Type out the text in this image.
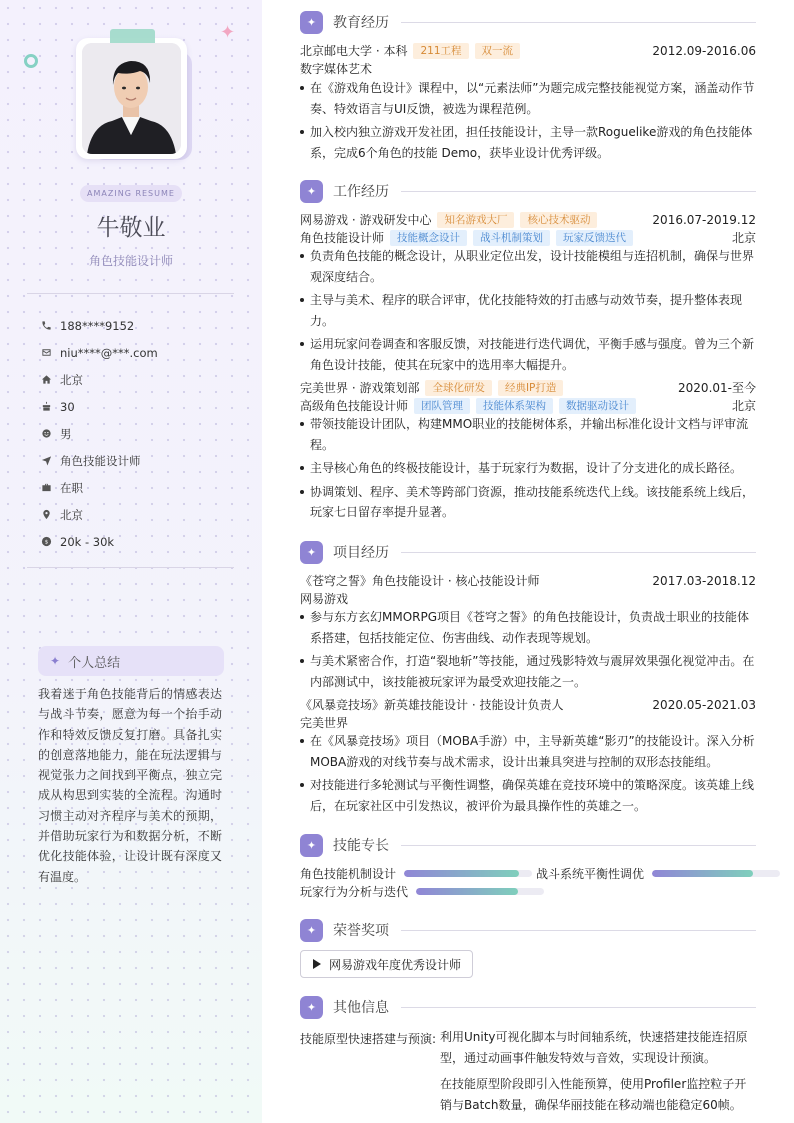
✦
AMAZING RESUME
牛敬业
角色技能设计师
188****9152
niu****@***.com
北京
30
男
角色技能设计师
在职
北京
$ 20k - 30k
✦ 个人总结

我着迷于角色技能背后的情感表达与战斗节奏，愿意为每一个抬手动作和特效反馈反复打磨。具备扎实的创意落地能力，能在玩法逻辑与视觉张力之间找到平衡点，独立完成从构思到实装的全流程。沟通时习惯主动对齐程序与美术的预期，并借助玩家行为和数据分析，不断优化技能体验，让设计既有深度又有温度。

✦	教育经历
北京邮电大学 · 本科	211工程	双一流	2012.09-2016.06
数字媒体艺术
在《游戏角色设计》课程中，以“元素法师”为题完成完整技能视觉方案，涵盖动作节奏、特效语言与UI反馈，被选为课程范例。
加入校内独立游戏开发社团，担任技能设计，主导一款Roguelike游戏的角色技能体系，完成6个角色的技能 Demo，获毕业设计优秀评级。
✦	工作经历
网易游戏 · 游戏研发中心	知名游戏大厂	核心技术驱动	2016.07-2019.12
角色技能设计师	技能概念设计	战斗机制策划	玩家反馈迭代	北京
负责角色技能的概念设计，从职业定位出发，设计技能模组与连招机制，确保与世界观深度结合。
主导与美术、程序的联合评审，优化技能特效的打击感与动效节奏，提升整体表现力。
运用玩家问卷调查和客服反馈，对技能进行迭代调优，平衡手感与强度。曾为三个新角色设计技能，使其在玩家中的选用率大幅提升。
完美世界 · 游戏策划部	全球化研发	经典IP打造	2020.01-至今
高级角色技能设计师	团队管理	技能体系架构	数据驱动设计	北京
带领技能设计团队，构建MMO职业的技能树体系，并输出标准化设计文档与评审流程。
主导核心角色的终极技能设计，基于玩家行为数据，设计了分支进化的成长路径。
协调策划、程序、美术等跨部门资源，推动技能系统迭代上线。该技能系统上线后，玩家七日留存率提升显著。
✦	项目经历
《苍穹之誓》角色技能设计 · 核心技能设计师	2017.03-2018.12
网易游戏
参与东方玄幻MMORPG项目《苍穹之誓》的角色技能设计，负责战士职业的技能体系搭建，包括技能定位、伤害曲线、动作表现等规划。
与美术紧密合作，打造“裂地斩”等技能，通过残影特效与震屏效果强化视觉冲击。在内部测试中，该技能被玩家评为最受欢迎技能之一。
《风暴竞技场》新英雄技能设计 · 技能设计负责人	2020.05-2021.03
完美世界
在《风暴竞技场》项目（MOBA手游）中，主导新英雄“影刃”的技能设计。深入分析MOBA游戏的对线节奏与战术需求，设计出兼具突进与控制的双形态技能组。
对技能进行多轮测试与平衡性调整，确保英雄在竞技环境中的策略深度。该英雄上线后，在玩家社区中引发热议，被评价为最具操作性的英雄之一。
✦	技能专长
角色技能机制设计	战斗系统平衡性调优
玩家行为分析与迭代
✦	荣誉奖项
网易游戏年度优秀设计师
✦	其他信息
技能原型快速搭建与预演: 利用Unity可视化脚本与时间轴系统，快速搭建技能连招原型，通过动画事件触发特效与音效，实现设计预演。

在技能原型阶段即引入性能预算，使用Profiler监控粒子开销与Batch数量，确保华丽技能在移动端也能稳定60帧。
